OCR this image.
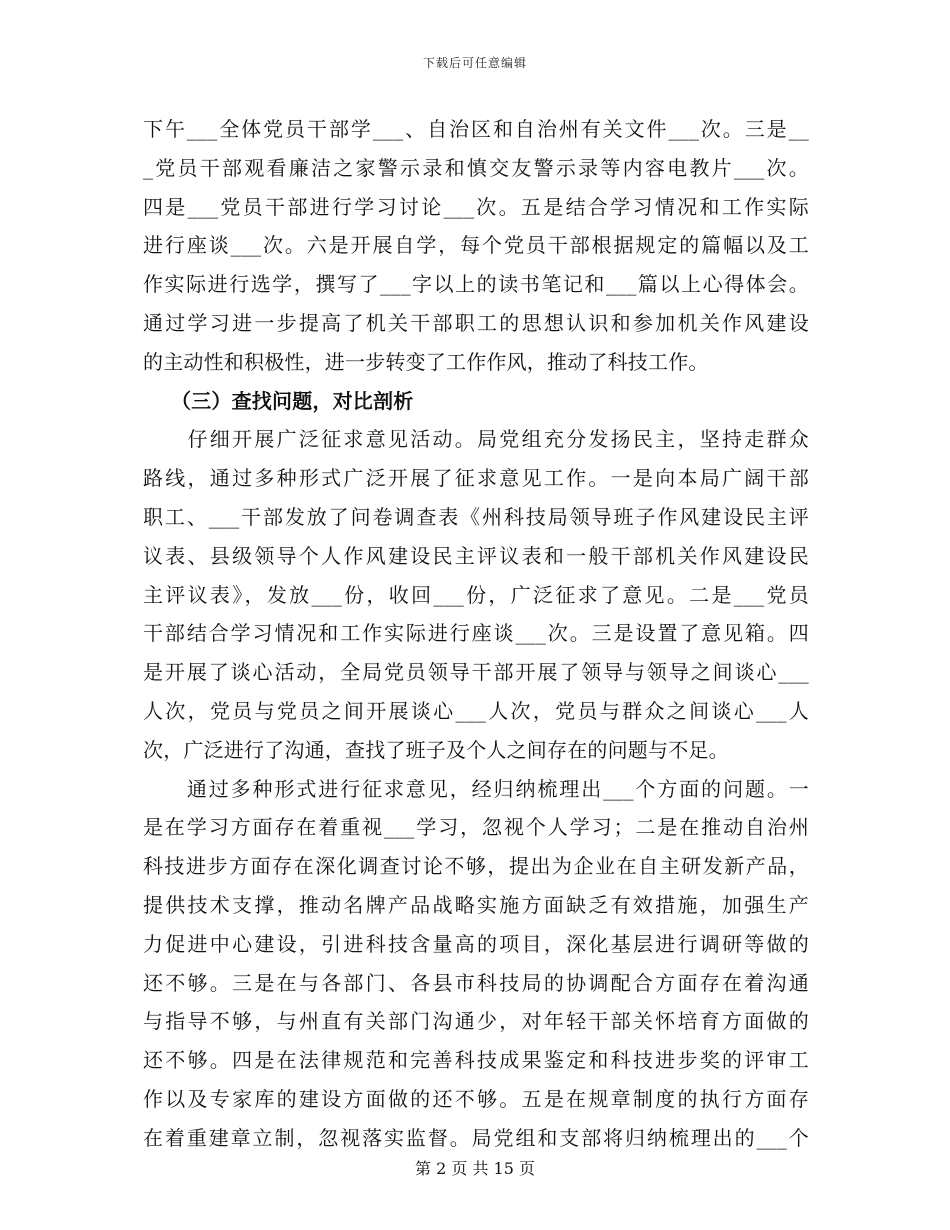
下载后可任意编辑
下午___全体党员干部学___、自治区和自治州有关文件___次。三是__
_党员干部观看廉洁之家警示录和慎交友警示录等内容电教片___次。
四是___党员干部进行学习讨论___次。五是结合学习情况和工作实际
进行座谈___次。六是开展自学，每个党员干部根据规定的篇幅以及工
作实际进行选学，撰写了___字以上的读书笔记和___篇以上心得体会。
通过学习进一步提高了机关干部职工的思想认识和参加机关作风建设
的主动性和积极性，进一步转变了工作作风，推动了科技工作。
（三）查找问题，对比剖析
　　仔细开展广泛征求意见活动。局党组充分发扬民主，坚持走群众
路线，通过多种形式广泛开展了征求意见工作。一是向本局广阔干部
职工、___干部发放了问卷调查表《州科技局领导班子作风建设民主评
议表、县级领导个人作风建设民主评议表和一般干部机关作风建设民
主评议表》，发放___份，收回___份，广泛征求了意见。二是___党员
干部结合学习情况和工作实际进行座谈___次。三是设置了意见箱。四
是开展了谈心活动，全局党员领导干部开展了领导与领导之间谈心___
人次，党员与党员之间开展谈心___人次，党员与群众之间谈心___人
次，广泛进行了沟通，查找了班子及个人之间存在的问题与不足。
　　通过多种形式进行征求意见，经归纳梳理出___个方面的问题。一
是在学习方面存在着重视___学习，忽视个人学习；二是在推动自治州
科技进步方面存在深化调查讨论不够，提出为企业在自主研发新产品，
提供技术支撑，推动名牌产品战略实施方面缺乏有效措施，加强生产
力促进中心建设，引进科技含量高的项目，深化基层进行调研等做的
还不够。三是在与各部门、各县市科技局的协调配合方面存在着沟通
与指导不够，与州直有关部门沟通少，对年轻干部关怀培育方面做的
还不够。四是在法律规范和完善科技成果鉴定和科技进步奖的评审工
作以及专家库的建设方面做的还不够。五是在规章制度的执行方面存
在着重建章立制，忽视落实监督。局党组和支部将归纳梳理出的___个
第 2 页 共 15 页
